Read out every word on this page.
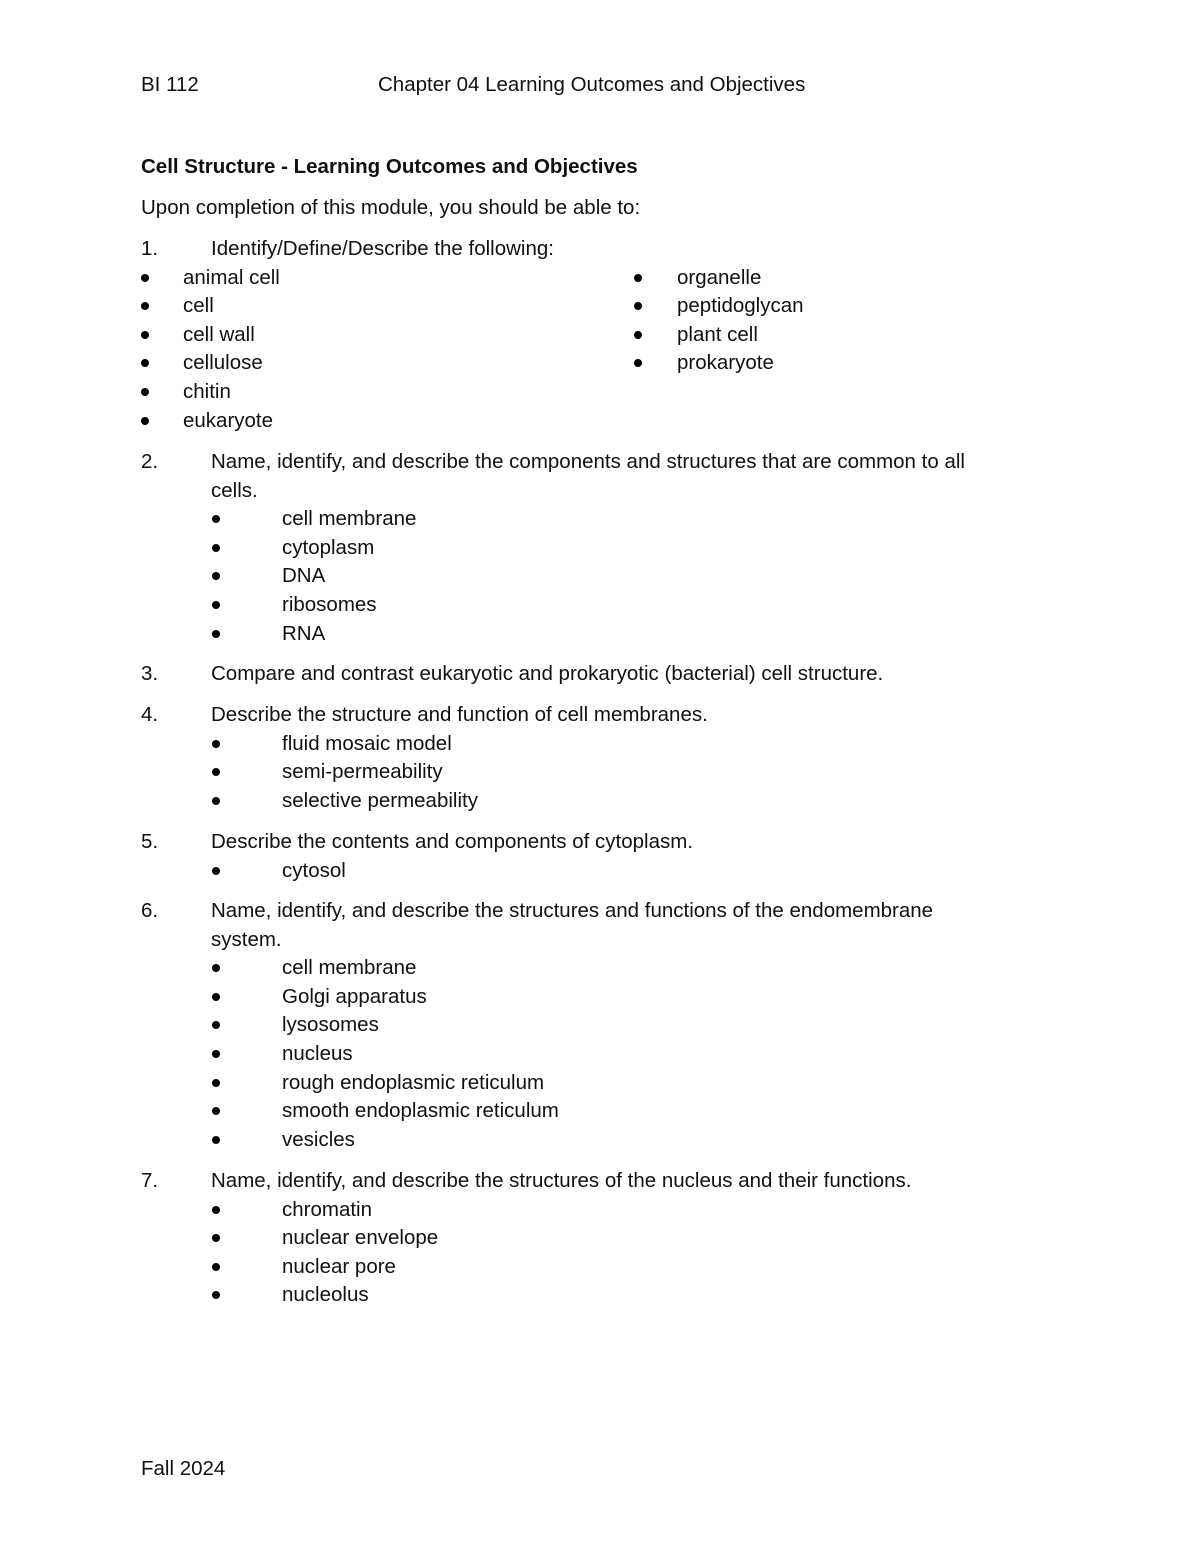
BI 112	Chapter 04 Learning Outcomes and Objectives
Cell Structure - Learning Outcomes and Objectives
Upon completion of this module, you should be able to:
1.	Identify/Define/Describe the following:
animal cell
cell
cell wall
cellulose
chitin
eukaryote
organelle
peptidoglycan
plant cell
prokaryote
2.	Name, identify, and describe the components and structures that are common to all
cells.
cell membrane
cytoplasm
DNA
ribosomes
RNA
3.	Compare and contrast eukaryotic and prokaryotic (bacterial) cell structure.
4.	Describe the structure and function of cell membranes.
fluid mosaic model
semi-permeability
selective permeability
5.	Describe the contents and components of cytoplasm.
cytosol
6.	Name, identify, and describe the structures and functions of the endomembrane
system.
cell membrane
Golgi apparatus
lysosomes
nucleus
rough endoplasmic reticulum
smooth endoplasmic reticulum
vesicles
7.	Name, identify, and describe the structures of the nucleus and their functions.
chromatin
nuclear envelope
nuclear pore
nucleolus
Fall 2024
